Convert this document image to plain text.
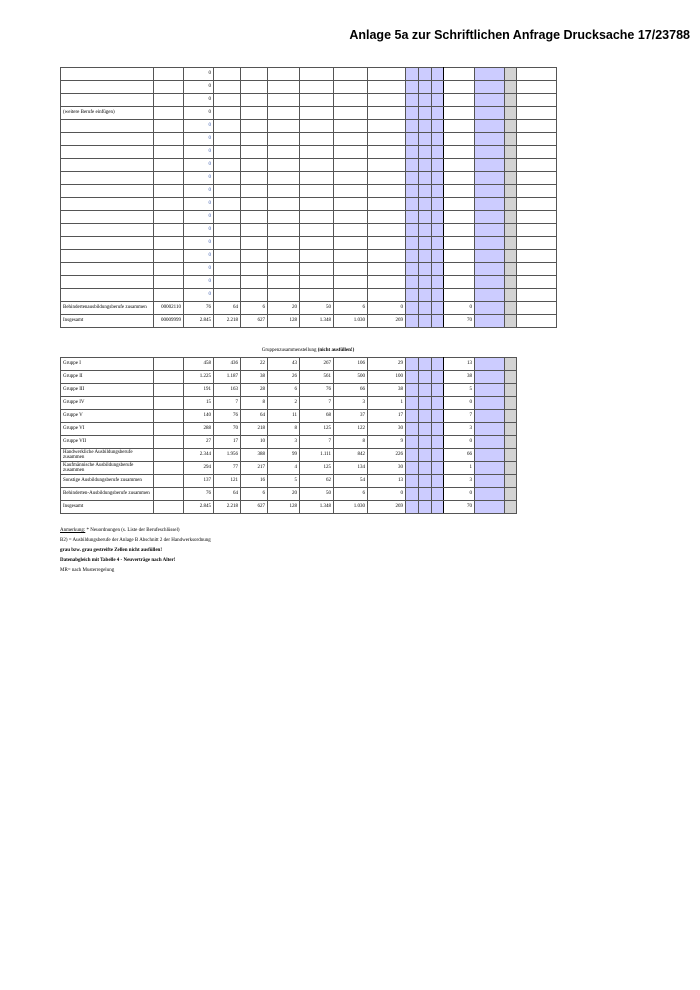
Anlage 5a zur Schriftlichen Anfrage Drucksache 17/23788
		0													
		0													
		0													
(weitere Berufe einfügen)		0													
		0													
		0													
		0													
		0													
		0													
		0													
		0													
		0													
		0													
		0													
		0													
		0													
		0													
		0													
Behindertenausbildungsberufe zusammen	00002110	76	64	6	20	50	6	0				0			
Insgesamt	00009999	2.845	2.218	627	128	1.348	1.030	269				70			
Gruppenzusammenstellung (nicht ausfüllen!)
Gruppe I		458	436	22	43	267	106	29				13		
Gruppe II		1.225	1.187	38	26	561	500	100				38		
Gruppe III		191	163	28	6	76	66	38				5		
Gruppe IV		15	7	8	2	7	3	1				0		
Gruppe V		140	76	64	11	68	37	17				7		
Gruppe VI		288	70	218	8	125	122	30				3		
Gruppe VII		27	17	10	3	7	8	9				0		
Handwerkliche Ausbildungsberufe zusammen		2.344	1.956	388	99	1.111	842	226				66		
Kaufmännische Ausbildungsberufe zusammen		294	77	217	4	125	134	30				1		
Sonstige Ausbildungsberufe zusammen		137	121	16	5	62	54	13				3		
Behinderten-Ausbildungsberufe zusammen		76	64	6	20	50	6	0				0		
Insgesamt		2.845	2.218	627	128	1.348	1.030	269				70		
Anmerkung: * Neuordnungen (s. Liste der Berufeschlüssel)
B2) = Ausbildungsberufe der Anlage B Abschnitt 2 der Handwerksordnung
grau bzw. grau gestreifte Zellen nicht ausfüllen!
Datenabgleich mit Tabelle 4 - Neuverträge nach Alter!
MR= nach Musterregelung
